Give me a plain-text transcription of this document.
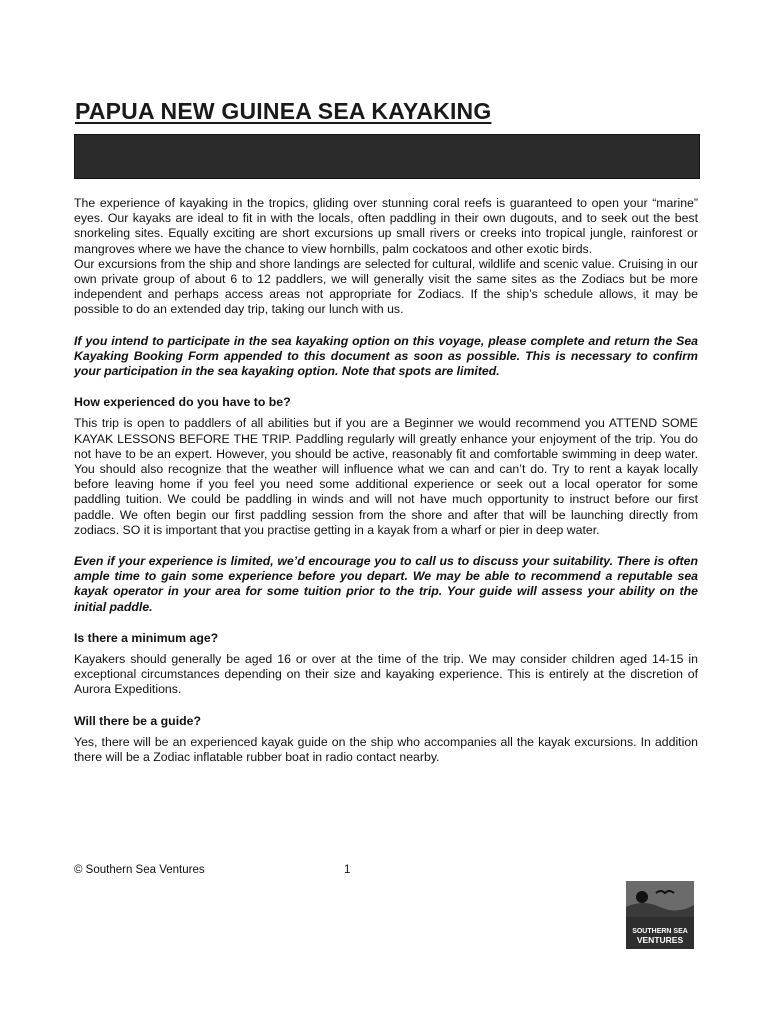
PAPUA NEW GUINEA SEA KAYAKING

The experience of kayaking in the tropics, gliding over stunning coral reefs is guaranteed to open your “marine” eyes. Our kayaks are ideal to fit in with the locals, often paddling in their own dugouts, and to seek out the best snorkeling sites. Equally exciting are short excursions up small rivers or creeks into tropical jungle, rainforest or mangroves where we have the chance to view hornbills, palm cockatoos and other exotic birds.

Our excursions from the ship and shore landings are selected for cultural, wildlife and scenic value. Cruising in our own private group of about 6 to 12 paddlers, we will generally visit the same sites as the Zodiacs but be more independent and perhaps access areas not appropriate for Zodiacs. If the ship’s schedule allows, it may be possible to do an extended day trip, taking our lunch with us.

If you intend to participate in the sea kayaking option on this voyage, please complete and return the Sea Kayaking Booking Form appended to this document as soon as possible. This is necessary to confirm your participation in the sea kayaking option. Note that spots are limited.

How experienced do you have to be?

This trip is open to paddlers of all abilities but if you are a Beginner we would recommend you ATTEND SOME KAYAK LESSONS BEFORE THE TRIP. Paddling regularly will greatly enhance your enjoyment of the trip. You do not have to be an expert. However, you should be active, reasonably fit and comfortable swimming in deep water. You should also recognize that the weather will influence what we can and can’t do. Try to rent a kayak locally before leaving home if you feel you need some additional experience or seek out a local operator for some paddling tuition. We could be paddling in winds and will not have much opportunity to instruct before our first paddle. We often begin our first paddling session from the shore and after that will be launching directly from zodiacs. SO it is important that you practise getting in a kayak from a wharf or pier in deep water.

Even if your experience is limited, we’d encourage you to call us to discuss your suitability. There is often ample time to gain some experience before you depart. We may be able to recommend a reputable sea kayak operator in your area for some tuition prior to the trip. Your guide will assess your ability on the initial paddle.

Is there a minimum age?

Kayakers should generally be aged 16 or over at the time of the trip. We may consider children aged 14-15 in exceptional circumstances depending on their size and kayaking experience. This is entirely at the discretion of Aurora Expeditions.

Will there be a guide?

Yes, there will be an experienced kayak guide on the ship who accompanies all the kayak excursions. In addition there will be a Zodiac inflatable rubber boat in radio contact nearby.

© Southern Sea Ventures	1
SOUTHERN SEA
VENTURES
